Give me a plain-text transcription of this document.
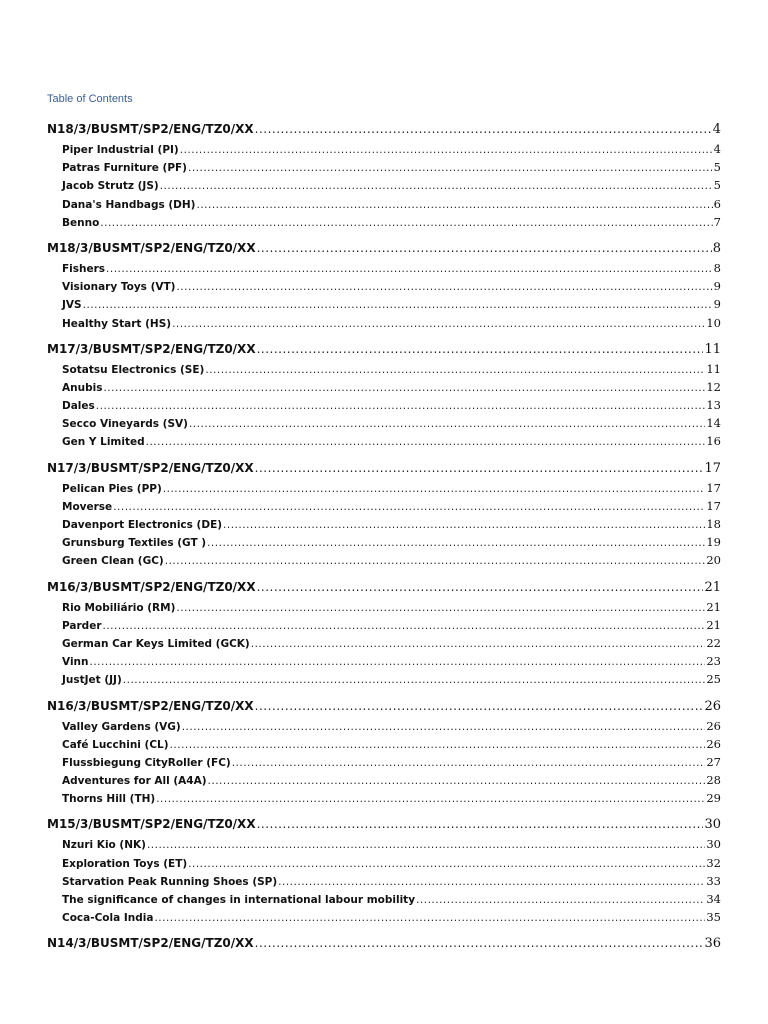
Table of Contents
N18/3/BUSMT/SP2/ENG/TZ0/XX .....	4
Piper Industrial (PI) .....	4
Patras Furniture (PF) .....	5
Jacob Strutz (JS) .....	5
Dana's Handbags (DH) .....	6
Benno .....	7
M18/3/BUSMT/SP2/ENG/TZ0/XX .....	8
Fishers .....	8
Visionary Toys (VT) .....	9
JVS .....	9
Healthy Start (HS) .....	10
M17/3/BUSMT/SP2/ENG/TZ0/XX .....	11
Sotatsu Electronics (SE) .....	11
Anubis .....	12
Dales .....	13
Secco Vineyards (SV) .....	14
Gen Y Limited .....	16
N17/3/BUSMT/SP2/ENG/TZ0/XX .....	17
Pelican Pies (PP) .....	17
Moverse .....	17
Davenport Electronics (DE) .....	18
Grunsburg Textiles (GT ) .....	19
Green Clean (GC) .....	20
M16/3/BUSMT/SP2/ENG/TZ0/XX .....	21
Rio Mobiliário (RM) .....	21
Parder .....	21
German Car Keys Limited (GCK) .....	22
Vinn .....	23
JustJet (JJ) .....	25
N16/3/BUSMT/SP2/ENG/TZ0/XX .....	26
Valley Gardens (VG) .....	26
Café Lucchini (CL) .....	26
Flussbiegung CityRoller (FC) .....	27
Adventures for All (A4A) .....	28
Thorns Hill (TH) .....	29
M15/3/BUSMT/SP2/ENG/TZ0/XX .....	30
Nzuri Kio (NK) .....	30
Exploration Toys (ET) .....	32
Starvation Peak Running Shoes (SP) .....	33
The significance of changes in international labour mobility .....	34
Coca-Cola India .....	35
N14/3/BUSMT/SP2/ENG/TZ0/XX .....	36
